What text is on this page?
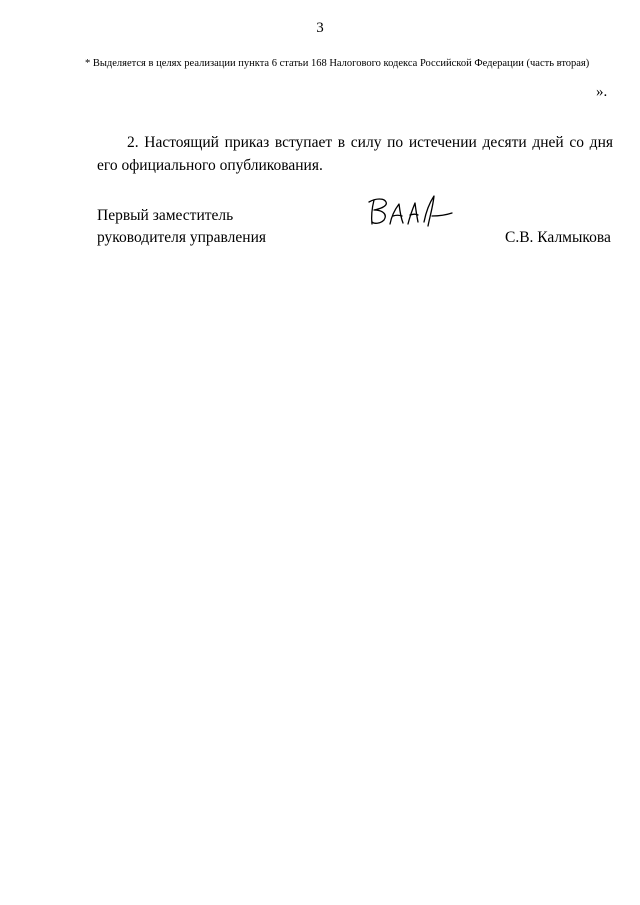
3
* Выделяется в целях реализации пункта 6 статьи 168 Налогового кодекса Российской Федерации (часть вторая)
».

2. Настоящий приказ вступает в силу по истечении десяти дней со дня его официального опубликования.

Первый заместитель
руководителя управления	С.В. Калмыкова
